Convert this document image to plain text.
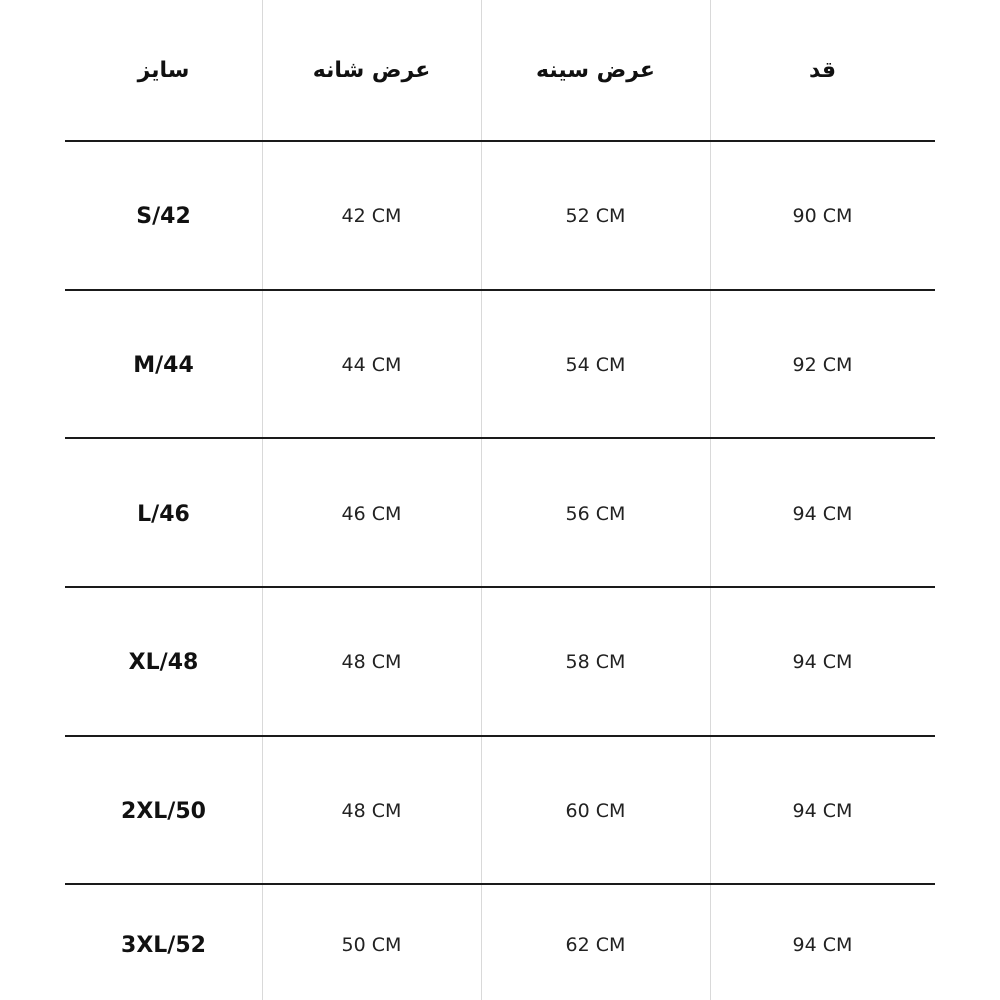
سایز	عرض شانه	عرض سینه	قد
S/42	42 CM	52 CM	90 CM
M/44	44 CM	54 CM	92 CM
L/46	46 CM	56 CM	94 CM
XL/48	48 CM	58 CM	94 CM
2XL/50	48 CM	60 CM	94 CM
3XL/52	50 CM	62 CM	94 CM
